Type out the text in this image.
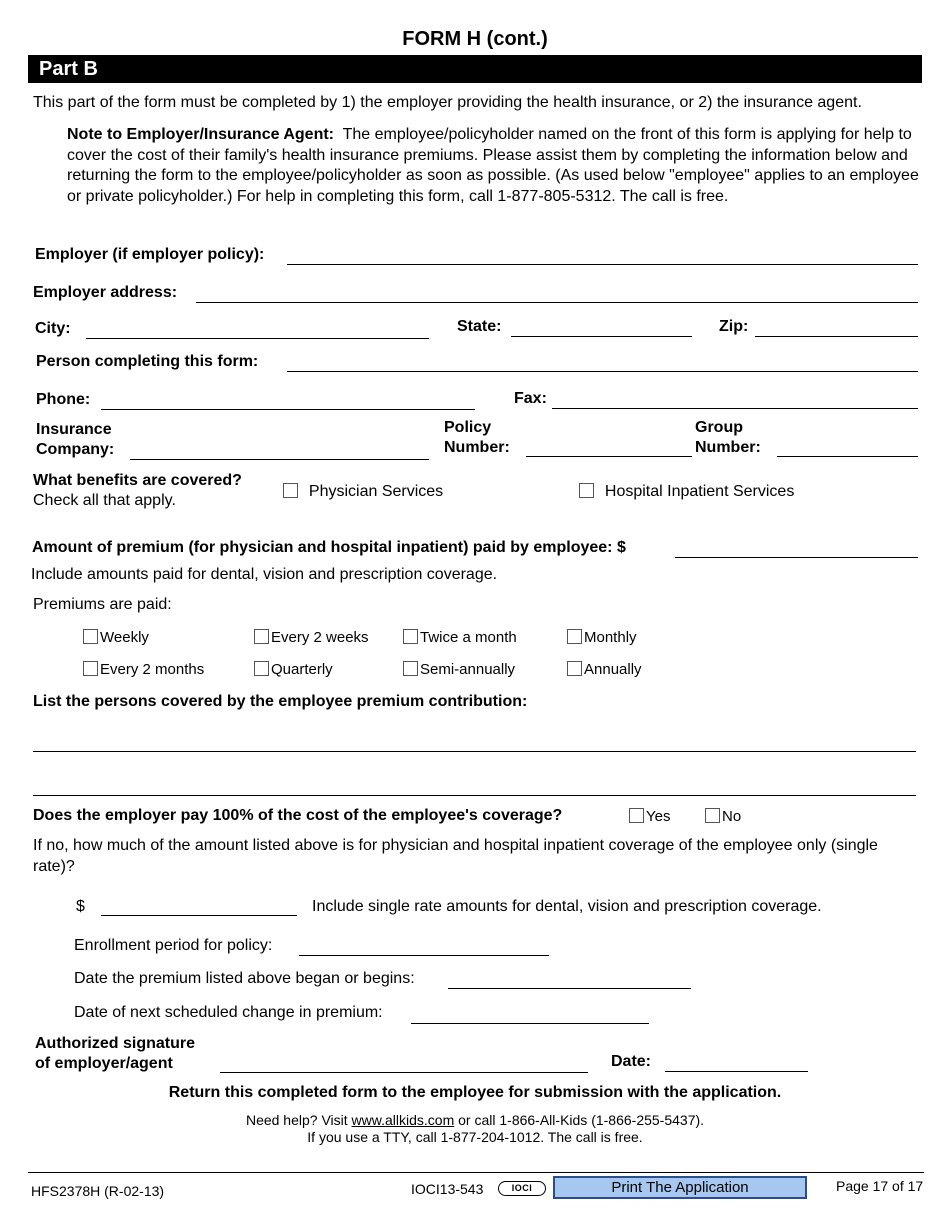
FORM H (cont.)
Part B
This part of the form must be completed by 1) the employer providing the health insurance, or 2) the insurance agent.
Note to Employer/Insurance Agent: The employee/policyholder named on the front of this form is applying for help to cover the cost of their family's health insurance premiums. Please assist them by completing the information below and returning the form to the employee/policyholder as soon as possible. (As used below "employee" applies to an employee or private policyholder.) For help in completing this form, call 1-877-805-5312. The call is free.
Employer (if employer policy):
Employer address:
City:	State:	Zip:
Person completing this form:
Phone:	Fax:
Insurance
Company:
Policy
Number:
Group
Number:
What benefits are covered?
Check all that apply.
Physician Services	Hospital Inpatient Services
Amount of premium (for physician and hospital inpatient) paid by employee: $
Include amounts paid for dental, vision and prescription coverage.
Premiums are paid:
Weekly	Every 2 weeks	Twice a month	Monthly
Every 2 months	Quarterly	Semi-annually	Annually
List the persons covered by the employee premium contribution:
Does the employer pay 100% of the cost of the employee's coverage?	Yes	No
If no, how much of the amount listed above is for physician and hospital inpatient coverage of the employee only (single rate)?
$	Include single rate amounts for dental, vision and prescription coverage.
Enrollment period for policy:
Date the premium listed above began or begins:
Date of next scheduled change in premium:
Authorized signature
of employer/agent	Date:
Return this completed form to the employee for submission with the application.
Need help? Visit www.allkids.com or call 1-866-All-Kids (1-866-255-5437).
If you use a TTY, call 1-877-204-1012. The call is free.
HFS2378H (R-02-13)	IOCI13-543	IOCI	Print The Application	Page 17 of 17
